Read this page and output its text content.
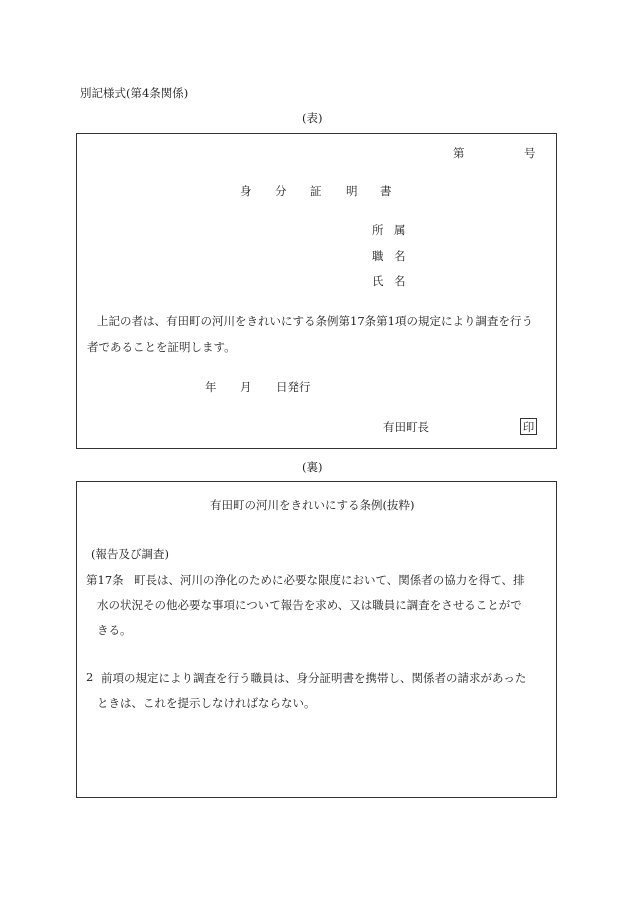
別記様式(第4条関係)
(表)
第	号
身 分 証 明 書
所 属
職 名
氏 名
上記の者は、有田町の河川をきれいにする条例第17条第1項の規定により調査を行う
者であることを証明します。
年 月 日発行
有田町長	印
(裏)
有田町の河川をきれいにする条例(抜粋)
(報告及び調査)
第17条 町長は、河川の浄化のために必要な限度において、関係者の協力を得て、排
水の状況その他必要な事項について報告を求め、又は職員に調査をさせることがで
きる。
2 前項の規定により調査を行う職員は、身分証明書を携帯し、関係者の請求があった
ときは、これを提示しなければならない。
